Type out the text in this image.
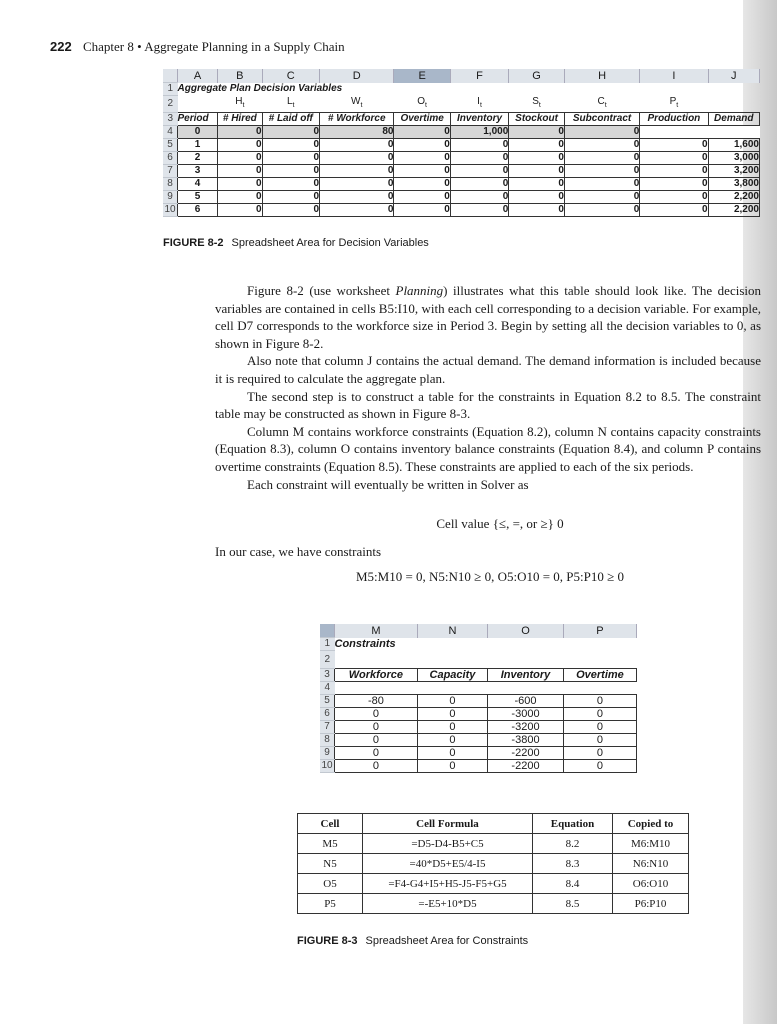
222 Chapter 8 • Aggregate Planning in a Supply Chain
	A	B	C	D	E	F	G	H	I	J
1	Aggregate Plan Decision Variables									
2		$H_t$	$L_t$	$W_t$	$O_t$	$I_t$	$S_t$	$C_t$	$P_t$	
3	Period	# Hired	# Laid off	# Workforce	Overtime	Inventory	Stockout	Subcontract	Production	Demand
4	0	0	0	80	0	1,000	0	0		
5	1	0	0	0	0	0	0	0	0	1,600
6	2	0	0	0	0	0	0	0	0	3,000
7	3	0	0	0	0	0	0	0	0	3,200
8	4	0	0	0	0	0	0	0	0	3,800
9	5	0	0	0	0	0	0	0	0	2,200
10	6	0	0	0	0	0	0	0	0	2,200
FIGURE 8-2 Spreadsheet Area for Decision Variables

Figure 8-2 (use worksheet Planning) illustrates what this table should look like. The decision variables are contained in cells B5:I10, with each cell corresponding to a decision variable. For example, cell D7 corresponds to the workforce size in Period 3. Begin by setting all the decision variables to 0, as shown in Figure 8-2.

Also note that column J contains the actual demand. The demand information is included because it is required to calculate the aggregate plan.

The second step is to construct a table for the constraints in Equation 8.2 to 8.5. The constraint table may be constructed as shown in Figure 8-3.

Column M contains workforce constraints (Equation 8.2), column N contains capacity constraints (Equation 8.3), column O contains inventory balance constraints (Equation 8.4), and column P contains overtime constraints (Equation 8.5). These constraints are applied to each of the six periods.

Each constraint will eventually be written in Solver as

Cell value {≤, =, or ≥} 0

In our case, we have constraints

M5:M10 = 0, N5:N10 ≥ 0, O5:O10 = 0, P5:P10 ≥ 0
	M	N	O	P
1	Constraints			
2				
3	Workforce	Capacity	Inventory	Overtime
4				
5	-80	0	-600	0
6	0	0	-3000	0
7	0	0	-3200	0
8	0	0	-3800	0
9	0	0	-2200	0
10	0	0	-2200	0
Cell	Cell Formula	Equation	Copied to
M5	=D5-D4-B5+C5	8.2	M6:M10
N5	=40*D5+E5/4-I5	8.3	N6:N10
O5	=F4-G4+I5+H5-J5-F5+G5	8.4	O6:O10
P5	=-E5+10*D5	8.5	P6:P10
FIGURE 8-3 Spreadsheet Area for Constraints
